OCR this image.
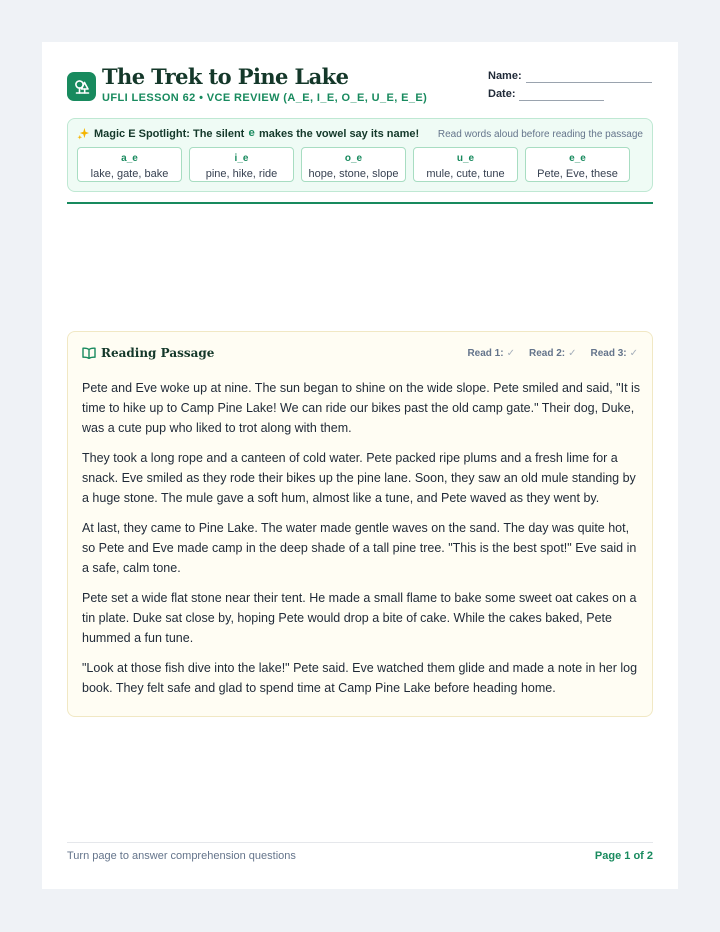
The Trek to Pine Lake
UFLI LESSON 62 • VCE REVIEW (A_E, I_E, O_E, U_E, E_E)
Name:
Date:
Magic E Spotlight: The silent e makes the vowel say its name! Read words aloud before reading the passage
a_e
lake, gate, bake
i_e
pine, hike, ride
o_e
hope, stone, slope
u_e
mule, cute, tune
e_e
Pete, Eve, these
Reading Passage	Read 1: ✓ Read 2: ✓ Read 3: ✓

Pete and Eve woke up at nine. The sun began to shine on the wide slope. Pete smiled and said, "It is time to hike up to Camp Pine Lake! We can ride our bikes past the old camp gate." Their dog, Duke, was a cute pup who liked to trot along with them.

They took a long rope and a canteen of cold water. Pete packed ripe plums and a fresh lime for a snack. Eve smiled as they rode their bikes up the pine lane. Soon, they saw an old mule standing by a huge stone. The mule gave a soft hum, almost like a tune, and Pete waved as they went by.

At last, they came to Pine Lake. The water made gentle waves on the sand. The day was quite hot, so Pete and Eve made camp in the deep shade of a tall pine tree. "This is the best spot!" Eve said in a safe, calm tone.

Pete set a wide flat stone near their tent. He made a small flame to bake some sweet oat cakes on a tin plate. Duke sat close by, hoping Pete would drop a bite of cake. While the cakes baked, Pete hummed a fun tune.

"Look at those fish dive into the lake!" Pete said. Eve watched them glide and made a note in her log book. They felt safe and glad to spend time at Camp Pine Lake before heading home.

Turn page to answer comprehension questions	Page 1 of 2
